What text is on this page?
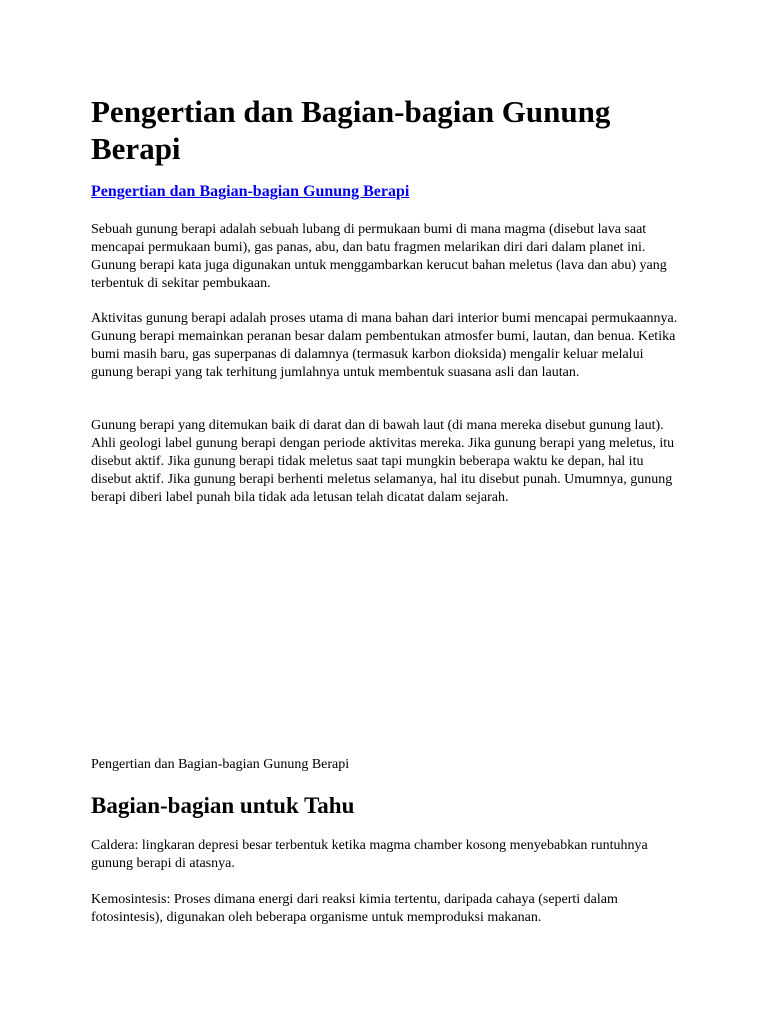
Pengertian dan Bagian-bagian Gunung Berapi
Pengertian dan Bagian-bagian Gunung Berapi

Sebuah gunung berapi adalah sebuah lubang di permukaan bumi di mana magma (disebut lava saat mencapai permukaan bumi), gas panas, abu, dan batu fragmen melarikan diri dari dalam planet ini. Gunung berapi kata juga digunakan untuk menggambarkan kerucut bahan meletus (lava dan abu) yang terbentuk di sekitar pembukaan.

Aktivitas gunung berapi adalah proses utama di mana bahan dari interior bumi mencapai permukaannya. Gunung berapi memainkan peranan besar dalam pembentukan atmosfer bumi, lautan, dan benua. Ketika bumi masih baru, gas superpanas di dalamnya (termasuk karbon dioksida) mengalir keluar melalui gunung berapi yang tak terhitung jumlahnya untuk membentuk suasana asli dan lautan.

Gunung berapi yang ditemukan baik di darat dan di bawah laut (di mana mereka disebut gunung laut). Ahli geologi label gunung berapi dengan periode aktivitas mereka. Jika gunung berapi yang meletus, itu disebut aktif. Jika gunung berapi tidak meletus saat tapi mungkin beberapa waktu ke depan, hal itu disebut aktif. Jika gunung berapi berhenti meletus selamanya, hal itu disebut punah. Umumnya, gunung berapi diberi label punah bila tidak ada letusan telah dicatat dalam sejarah.

Pengertian dan Bagian-bagian Gunung Berapi

Bagian-bagian untuk Tahu

Caldera: lingkaran depresi besar terbentuk ketika magma chamber kosong menyebabkan runtuhnya gunung berapi di atasnya.

Kemosintesis: Proses dimana energi dari reaksi kimia tertentu, daripada cahaya (seperti dalam fotosintesis), digunakan oleh beberapa organisme untuk memproduksi makanan.
